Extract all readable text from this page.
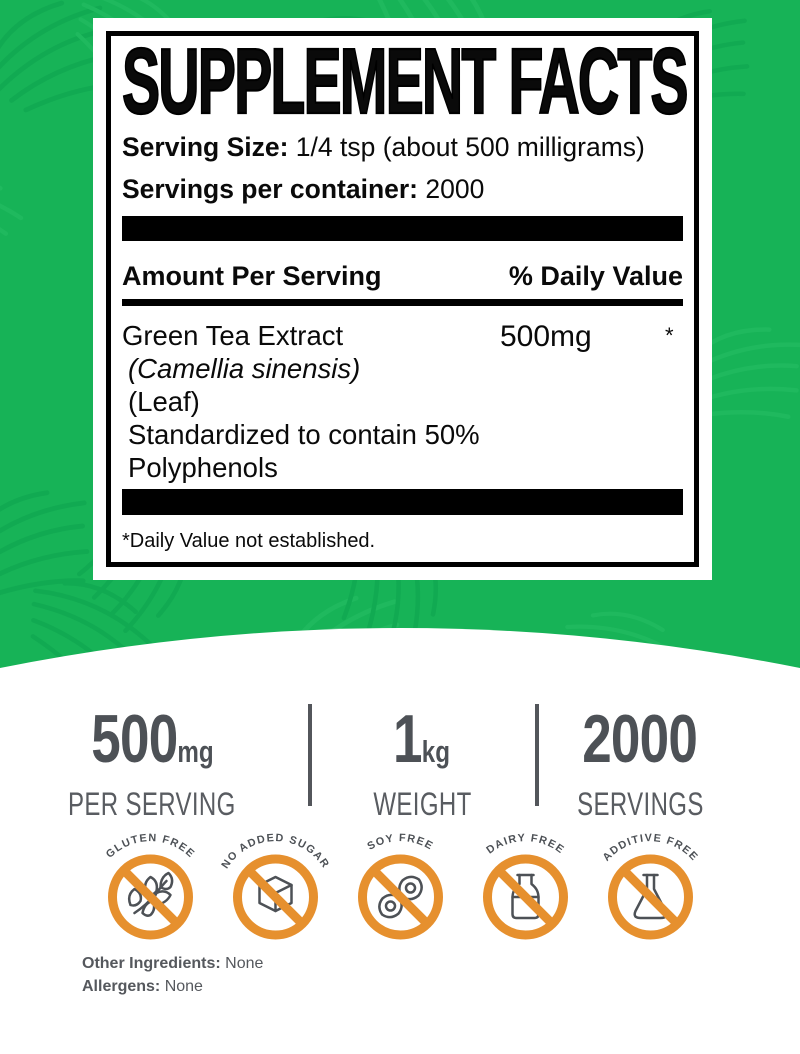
SUPPLEMENT FACTS
Serving Size: 1/4 tsp (about 500 milligrams)
Servings per container: 2000
Amount Per Serving	% Daily Value
Green Tea Extract
(Camellia sinensis)
(Leaf)
Standardized to contain 50%
Polyphenols
500mg	*
*Daily Value not established.
500mg
PER SERVING
1kg
WEIGHT
2000
SERVINGS
GLUTEN FREE
NO ADDED SUGAR
SOY FREE	DAIRY FREE	ADDITIVE FREE
Other Ingredients: None
Allergens: None
